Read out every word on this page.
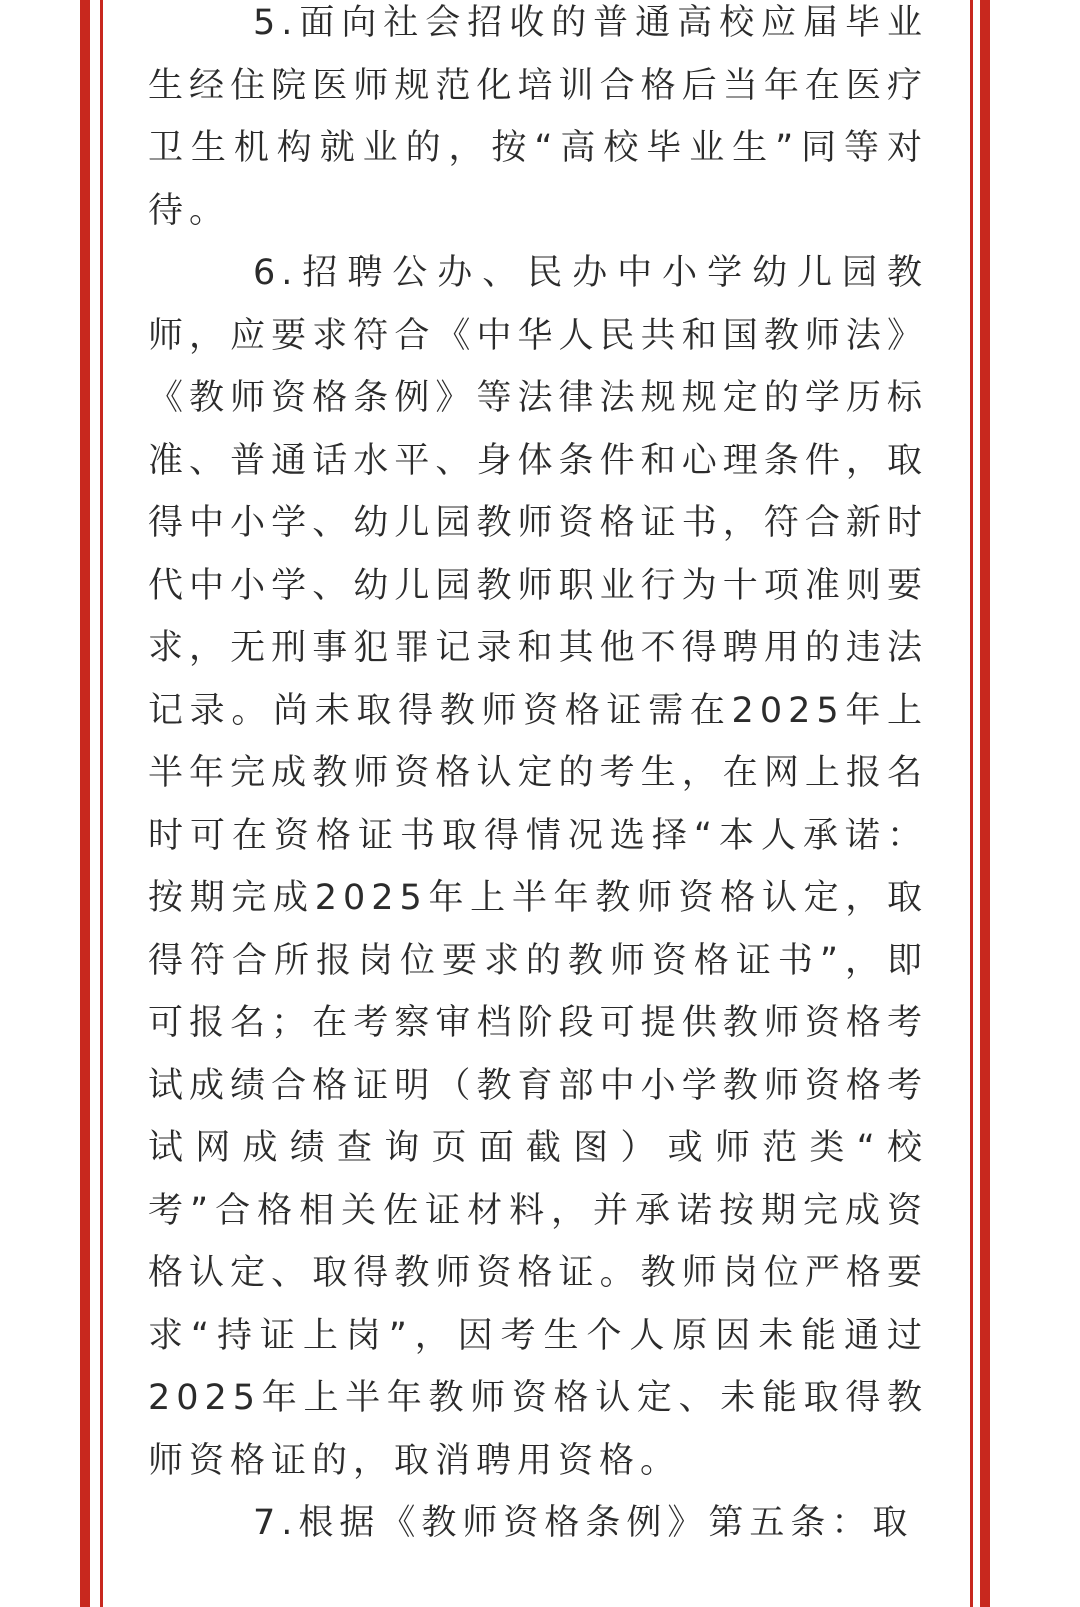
5.面向社会招收的普通高校应届毕业生经住院医师规范化培训合格后当年在医疗卫生机构就业的，按“高校毕业生”同等对待。

6.招聘公办、民办中小学幼儿园教师，应要求符合《中华人民共和国教师法》《教师资格条例》等法律法规规定的学历标准、普通话水平、身体条件和心理条件，取得中小学、幼儿园教师资格证书，符合新时代中小学、幼儿园教师职业行为十项准则要求，无刑事犯罪记录和其他不得聘用的违法记录。尚未取得教师资格证需在2025年上半年完成教师资格认定的考生，在网上报名时可在资格证书取得情况选择“本人承诺：按期完成2025年上半年教师资格认定，取得符合所报岗位要求的教师资格证书”，即可报名；在考察审档阶段可提供教师资格考试成绩合格证明（教育部中小学教师资格考试网成绩查询页面截图）或师范类“校考”合格相关佐证材料，并承诺按期完成资格认定、取得教师资格证。教师岗位严格要求“持证上岗”，因考生个人原因未能通过2025年上半年教师资格认定、未能取得教师资格证的，取消聘用资格。

7.根据《教师资格条例》第五条：取
